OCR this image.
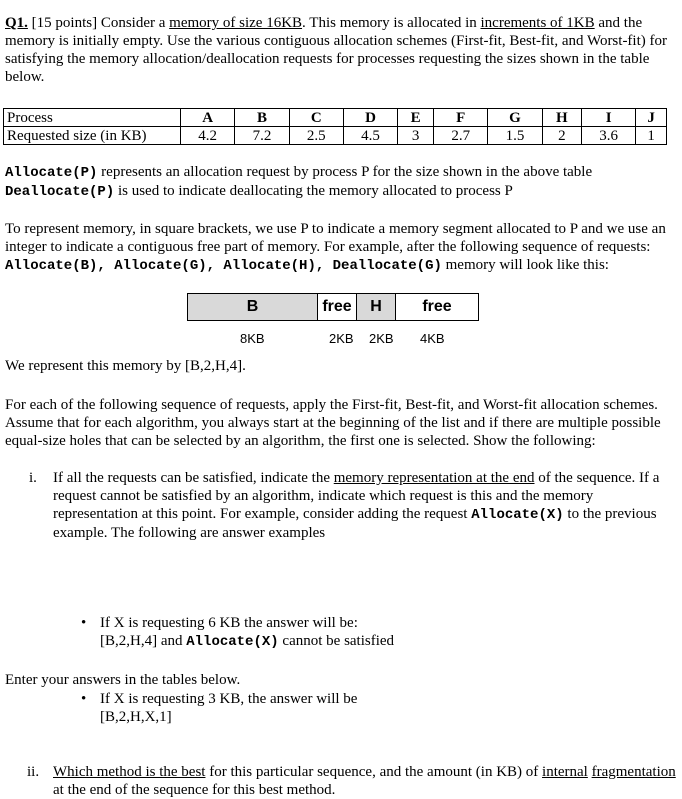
Q1. [15 points] Consider a memory of size 16KB. This memory is allocated in increments of 1KB and the memory is initially empty. Use the various contiguous allocation schemes (First-fit, Best-fit, and Worst-fit) for satisfying the memory allocation/deallocation requests for processes requesting the sizes shown in the table below.

Process	A	B	C	D	E	F	G	H	I	J
Requested size (in KB)	4.2	7.2	2.5	4.5	3	2.7	1.5	2	3.6	1

Allocate(P) represents an allocation request by process P for the size shown in the above table

Deallocate(P) is used to indicate deallocating the memory allocated to process P

To represent memory, in square brackets, we use P to indicate a memory segment allocated to P and we use an integer to indicate a contiguous free part of memory. For example, after the following sequence of requests: Allocate(B), Allocate(G), Allocate(H), Deallocate(G) memory will look like this:

B	free H	free
8KB	2KB 2KB 4KB
We represent this memory by [B,2,H,4].

For each of the following sequence of requests, apply the First-fit, Best-fit, and Worst-fit allocation schemes. Assume that for each algorithm, you always start at the beginning of the list and if there are multiple possible equal-size holes that can be selected by an algorithm, the first one is selected. Show the following:

i. If all the requests can be satisfied, indicate the memory representation at the end of the sequence. If a request cannot be satisfied by an algorithm, indicate which request is this and the memory representation at this point. For example, consider adding the request Allocate(X) to the previous example. The following are answer examples
• If X is requesting 6 KB the answer will be:

[B,2,H,4] and Allocate(X) cannot be satisfied

• If X is requesting 3 KB, the answer will be

[B,2,H,X,1]

ii. Which method is the best for this particular sequence, and the amount (in KB) of internal fragmentation at the end of the sequence for this best method.
Enter your answers in the tables below.
